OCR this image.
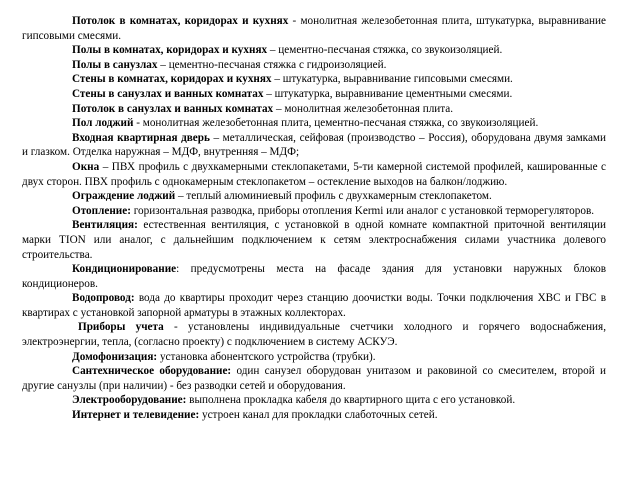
Потолок в комнатах, коридорах и кухнях - монолитная железобетонная плита, штукатурка, выравнивание гипсовыми смесями.

Полы в комнатах, коридорах и кухнях – цементно-песчаная стяжка, со звукоизоляцией.

Полы в санузлах – цементно-песчаная стяжка с гидроизоляцией.

Стены в комнатах, коридорах и кухнях – штукатурка, выравнивание гипсовыми смесями.

Стены в санузлах и ванных комнатах – штукатурка, выравнивание цементными смесями.

Потолок в санузлах и ванных комнатах – монолитная железобетонная плита.

Пол лоджий - монолитная железобетонная плита, цементно-песчаная стяжка, со звукоизоляцией.

Входная квартирная дверь – металлическая, сейфовая (производство – Россия), оборудована двумя замками и глазком. Отделка наружная – МДФ, внутренняя – МДФ;

Окна – ПВХ профиль с двухкамерными стеклопакетами, 5-ти камерной системой профилей, кашированные с двух сторон. ПВХ профиль с однокамерным стеклопакетом – остекление выходов на балкон/лоджию.

Ограждение лоджий – теплый алюминиевый профиль с двухкамерным стеклопакетом.

Отопление: горизонтальная разводка, приборы отопления Kermi или аналог с установкой терморегуляторов.

Вентиляция: естественная вентиляция, с установкой в одной комнате компактной приточной вентиляции марки TION или аналог, с дальнейшим подключением к сетям электроснабжения силами участника долевого строительства.

Кондиционирование: предусмотрены места на фасаде здания для установки наружных блоков кондиционеров.

Водопровод: вода до квартиры проходит через станцию доочистки воды. Точки подключения ХВС и ГВС в квартирах с установкой запорной арматуры в этажных коллекторах.

Приборы учета - установлены индивидуальные счетчики холодного и горячего водоснабжения, электроэнергии, тепла, (согласно проекту) с подключением в систему АСКУЭ.

Домофонизация: установка абонентского устройства (трубки).

Сантехническое оборудование: один санузел оборудован унитазом и раковиной со смесителем, второй и другие санузлы (при наличии) - без разводки сетей и оборудования.

Электрооборудование: выполнена прокладка кабеля до квартирного щита с его установкой.

Интернет и телевидение: устроен канал для прокладки слаботочных сетей.
